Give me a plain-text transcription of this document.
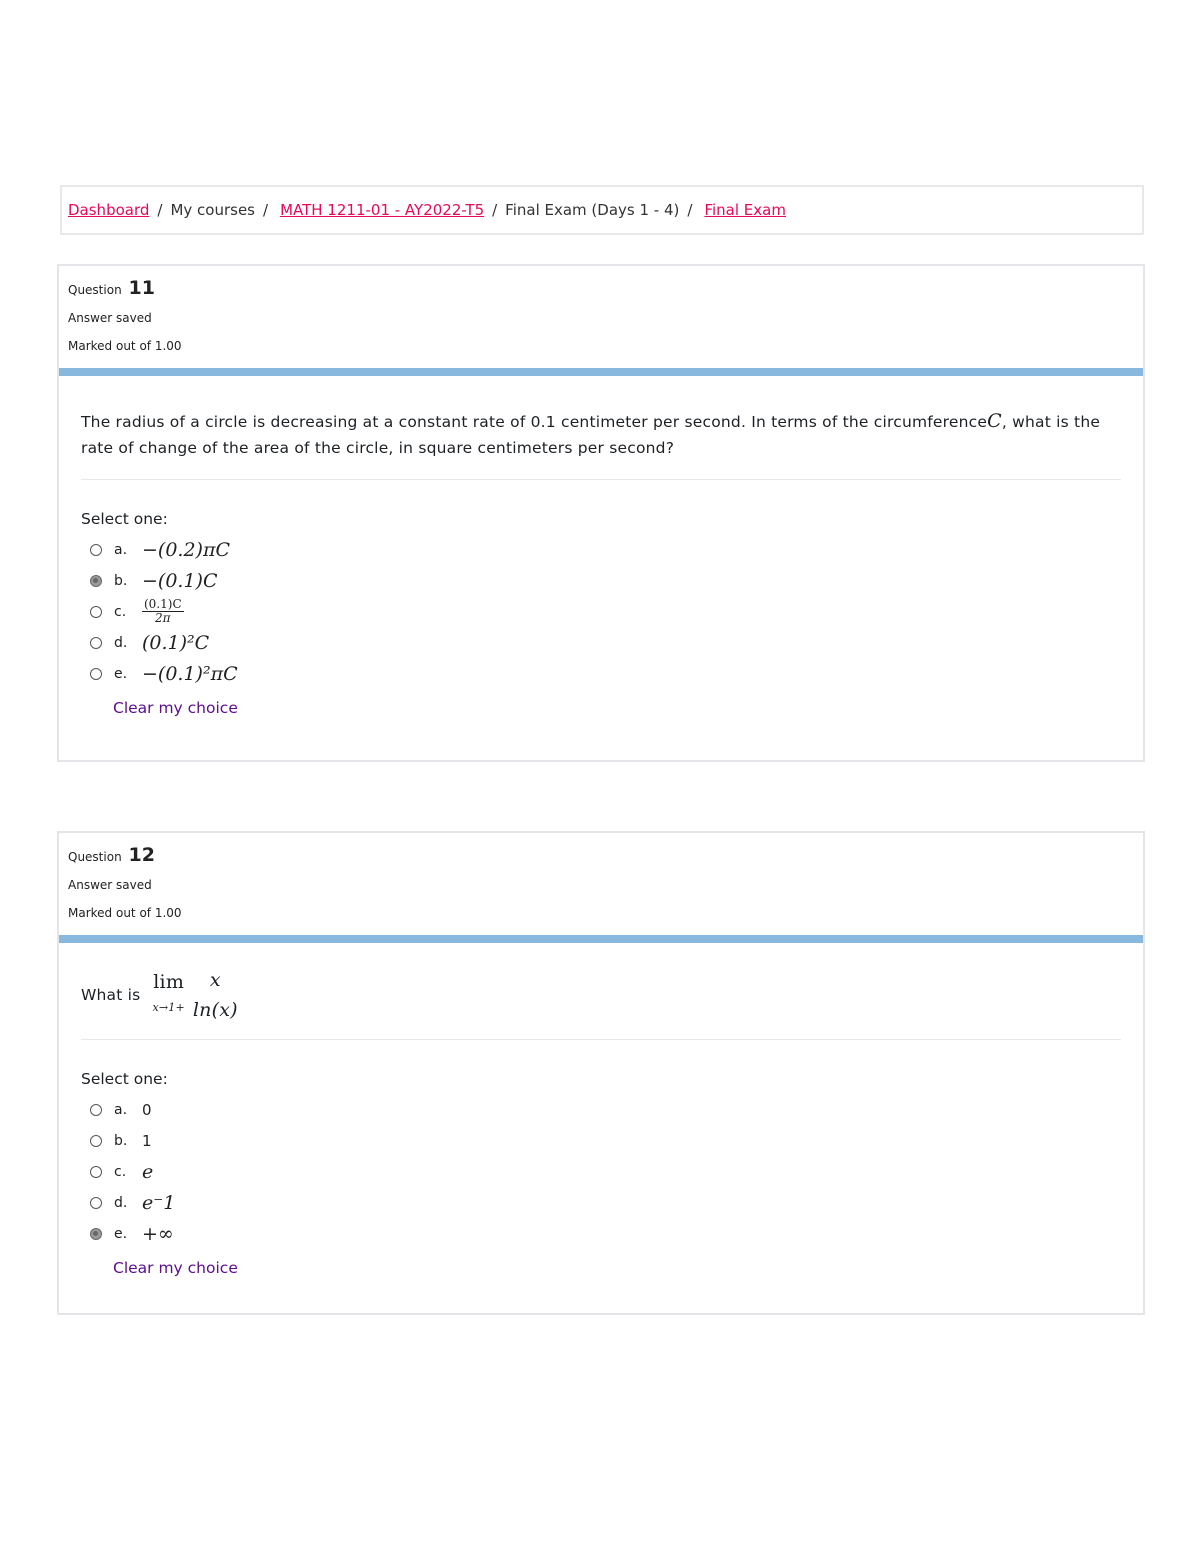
Dashboard / My courses / MATH 1211-01 - AY2022-T5 / Final Exam (Days 1 - 4) / Final Exam
Question 11
Answer saved
Marked out of 1.00
The radius of a circle is decreasing at a constant rate of 0.1 centimeter per second. In terms of the circumferenceC, what is the rate of change of the area of the circle, in square centimeters per second?
Select one:
a. −(0.2)πC
b. −(0.1)C
c.	$\frac{(0.1)C}{2\pi}$
d. (0.1)²C
e. −(0.1)²πC
Clear my choice
Question 12
Answer saved
Marked out of 1.00
What is
lim
x→1+
x
ln(x)
Select one:
a. 0
b. 1
c. e
d. e⁻1
e. +∞
Clear my choice
